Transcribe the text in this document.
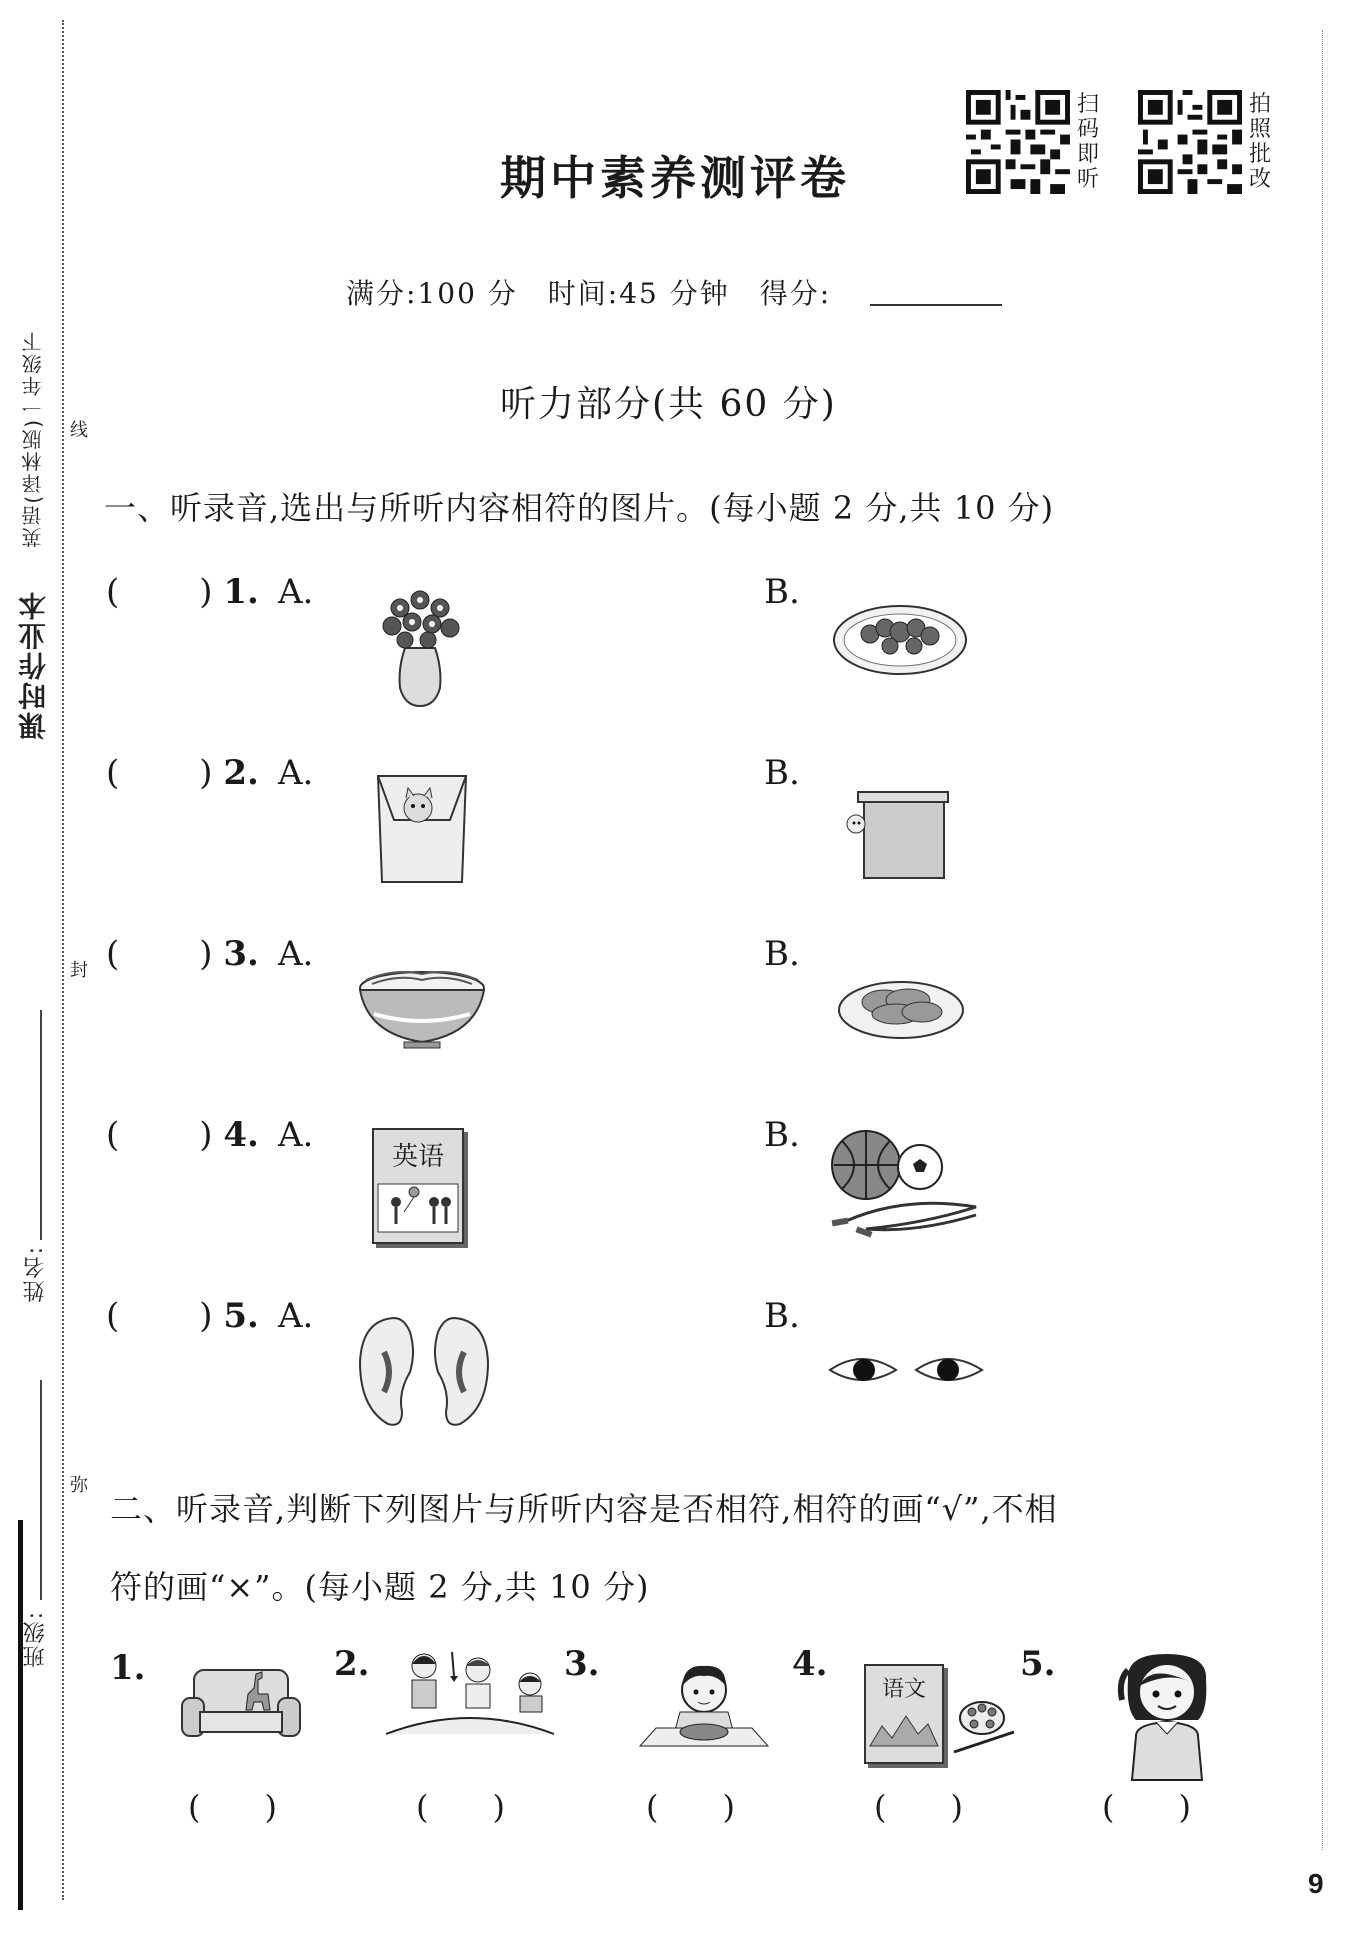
课时作业本
英语(译林版)一年级下
姓名:
班级:
线
封
弥
期中素养测评卷
扫码即听
拍照批改
满分:100 分　时间:45 分钟　得分:
听力部分(共 60 分)
一、听录音,选出与所听内容相符的图片。(每小题 2 分,共 10 分)
( ) 1. A.	B.
( ) 2. A.	B.
( ) 3. A.	B.
( ) 4. A.	B.
英语
( ) 5. A.	B.
二、听录音,判断下列图片与所听内容是否相符,相符的画“√”,不相
符的画“×”。(每小题 2 分,共 10 分)
1.	2.	3.	4.	5.
语文
(　　)	(　　)	(　　)	(　　)	(　　)
9
